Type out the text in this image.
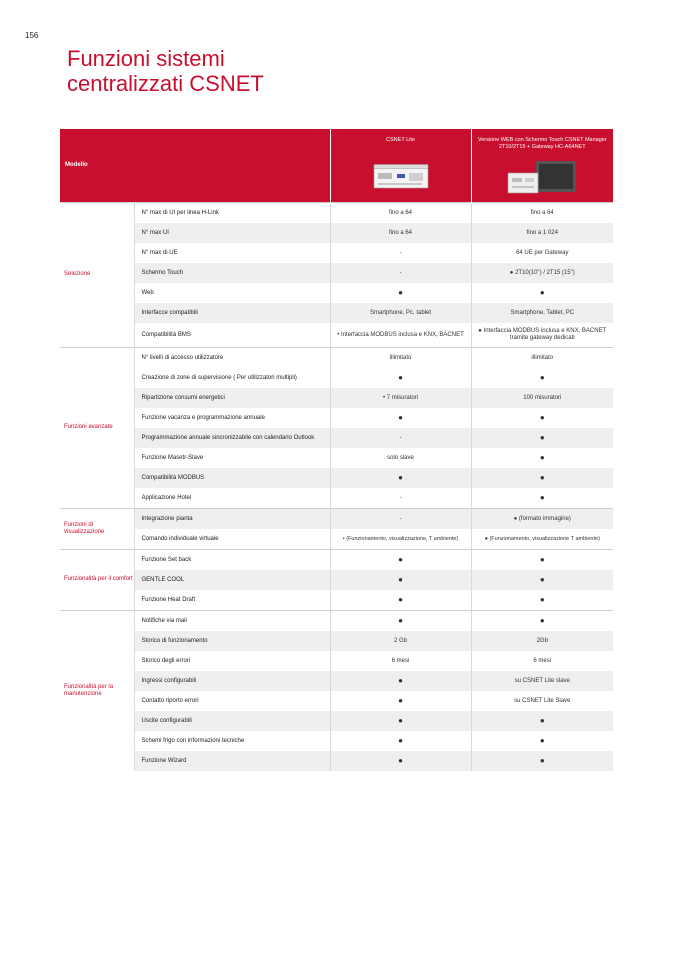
156
Funzioni sistemi
centralizzati CSNET
Modello		CSNET Lite	Versione WEB con Schermo Touch CSNET Manager 2T10/2T15 + Gateway HC-A64NET

Selezione	N° max di UI per linea H-Link	fino a 64	fino a 64
	N° max UI	fino a 64	fino a 1 024
	N° max di UE	-	64 UE per Gateway
	Schermo Touch	-	● 2T10(10") / 2T15 (15")
	Web	●	●
	Interfacce compatibili	Smartphone, Pc, tablet	Smartphone, Tablet, PC
	Compatibilità BMS	• Interfaccia MODBUS inclusa e KNX, BACNET	● Interfaccia MODBUS inclusa e KNX, BACNET tramite gateway dedicati

Funzioni avanzate	N° livelli di accesso utilizzatore	illimitato	illimitato
	Creazione di zone di supervisione ( Per utilizzatori multipli)	●	●
	Ripartizione consumi energetici	• 7 misuratori	100 misuratori
	Funzione vacanza e programmazione annuale	●	●
	Programmazione annuale sincronizzabile con calendario Outlook	-	●
	Funzione Masetr-Slave	solo slave	●
	Compatibilità MODBUS	●	●
	Applicazione Hotel	-	●
Funzioni di visualizzazione	Integrazione pianta	-	● (formato immagine)
	Comando individuale virtuale	• (Funzionamento, visualizzazione, T ambiente)	● (Funzionamento, visualizzazione T ambiente)
Funzionalità per il comfort	Funzione Set back	●	●
	GENTLE COOL	●	●
	Funzione Heat Draft	●	●
Funzionalità per la manutenzione	Notifiche via mail	●	●
	Storico di funzionamento	2 Gb	2Gb
	Storico degli errori	6 mesi	6 mesi
	Ingressi configurabili	●	su CSNET Lite slave
	Contatto riporto errori	●	su CSNET Lite Slave
	Uscite configurabili	●	●
	Schemi frigo con informazioni tecniche	●	●
	Funzione Wizard	●	●
